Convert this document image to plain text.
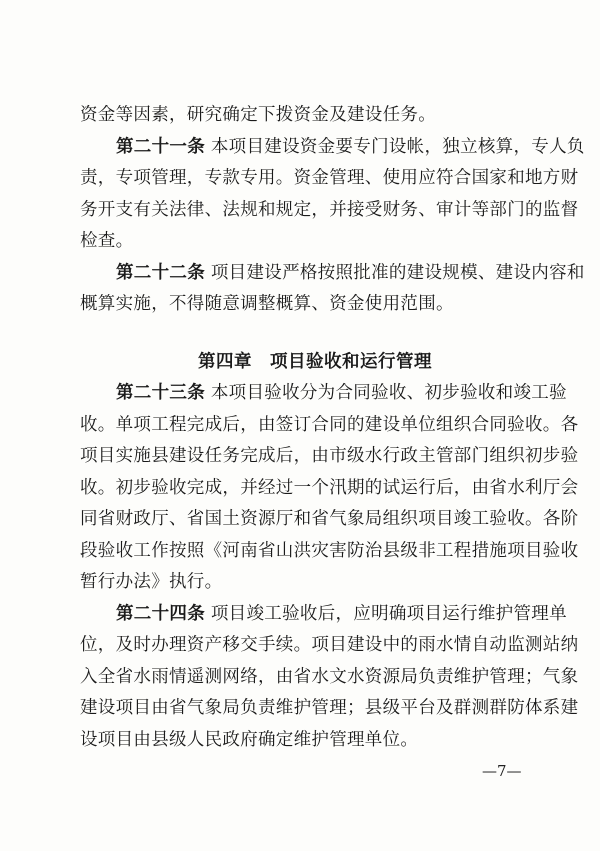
资金等因素，研究确定下拨资金及建设任务。
第二十一条 本项目建设资金要专门设帐，独立核算，专人负
责，专项管理，专款专用。资金管理、使用应符合国家和地方财
务开支有关法律、法规和规定，并接受财务、审计等部门的监督
检查。
第二十二条 项目建设严格按照批准的建设规模、建设内容和
概算实施，不得随意调整概算、资金使用范围。
第四章 项目验收和运行管理
第二十三条 本项目验收分为合同验收、初步验收和竣工验
收。单项工程完成后，由签订合同的建设单位组织合同验收。各
项目实施县建设任务完成后，由市级水行政主管部门组织初步验
收。初步验收完成，并经过一个汛期的试运行后，由省水利厅会
同省财政厅、省国土资源厅和省气象局组织项目竣工验收。各阶
段验收工作按照《河南省山洪灾害防治县级非工程措施项目验收
暂行办法》执行。
第二十四条 项目竣工验收后，应明确项目运行维护管理单
位，及时办理资产移交手续。项目建设中的雨水情自动监测站纳
入全省水雨情遥测网络，由省水文水资源局负责维护管理；气象
建设项目由省气象局负责维护管理；县级平台及群测群防体系建
设项目由县级人民政府确定维护管理单位。
—7—
